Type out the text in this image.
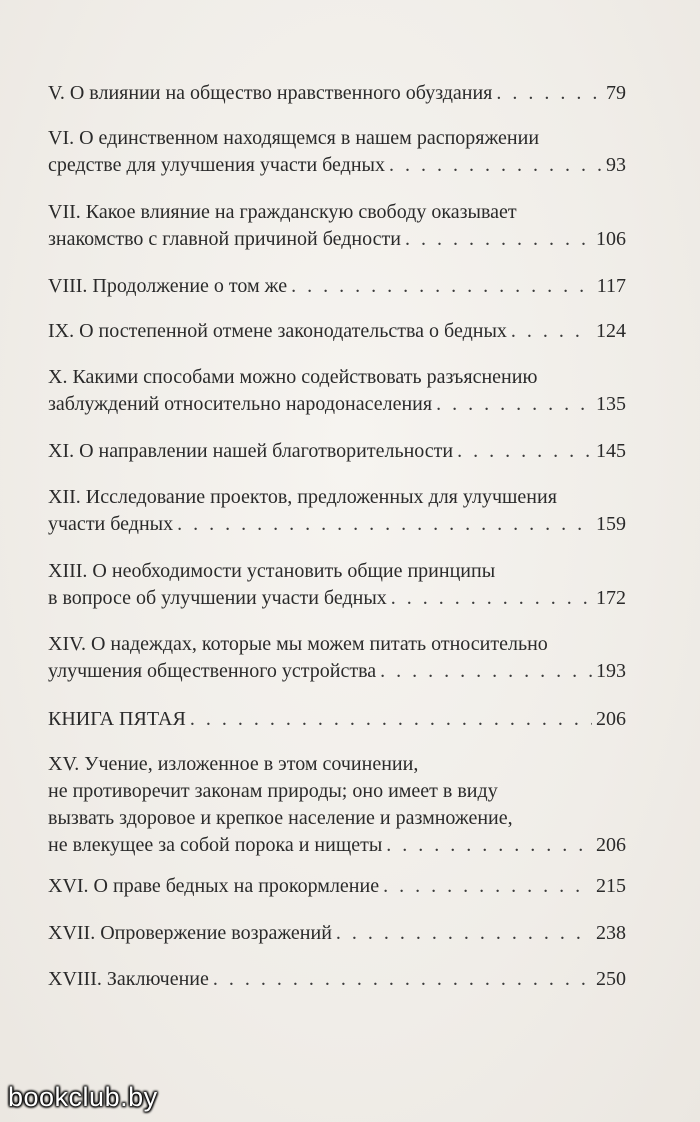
V. О влиянии на общество нравственного обуздания . . .	79
VI. О единственном находящемся в нашем распоряжении
средстве для улучшения участи бедных . . .	93
VII. Какое влияние на гражданскую свободу оказывает
знакомство с главной причиной бедности . . .	106
VIII. Продолжение о том же . . .	117
IX. О постепенной отмене законодательства о бедных . . .	124
X. Какими способами можно содействовать разъяснению
заблуждений относительно народонаселения . . .	135
XI. О направлении нашей благотворительности . . .	145
XII. Исследование проектов, предложенных для улучшения
участи бедных . . .	159
XIII. О необходимости установить общие принципы
в вопросе об улучшении участи бедных . . .	172
XIV. О надеждах, которые мы можем питать относительно
улучшения общественного устройства . . .	193
КНИГА ПЯТАЯ . . .	206
XV. Учение, изложенное в этом сочинении,
не противоречит законам природы; оно имеет в виду
вызвать здоровое и крепкое население и размножение,
не влекущее за собой порока и нищеты . . .	206
XVI. О праве бедных на прокормление . . .	215
XVII. Опровержение возражений . . .	238
XVIII. Заключение . . .	250
bookclub.by
